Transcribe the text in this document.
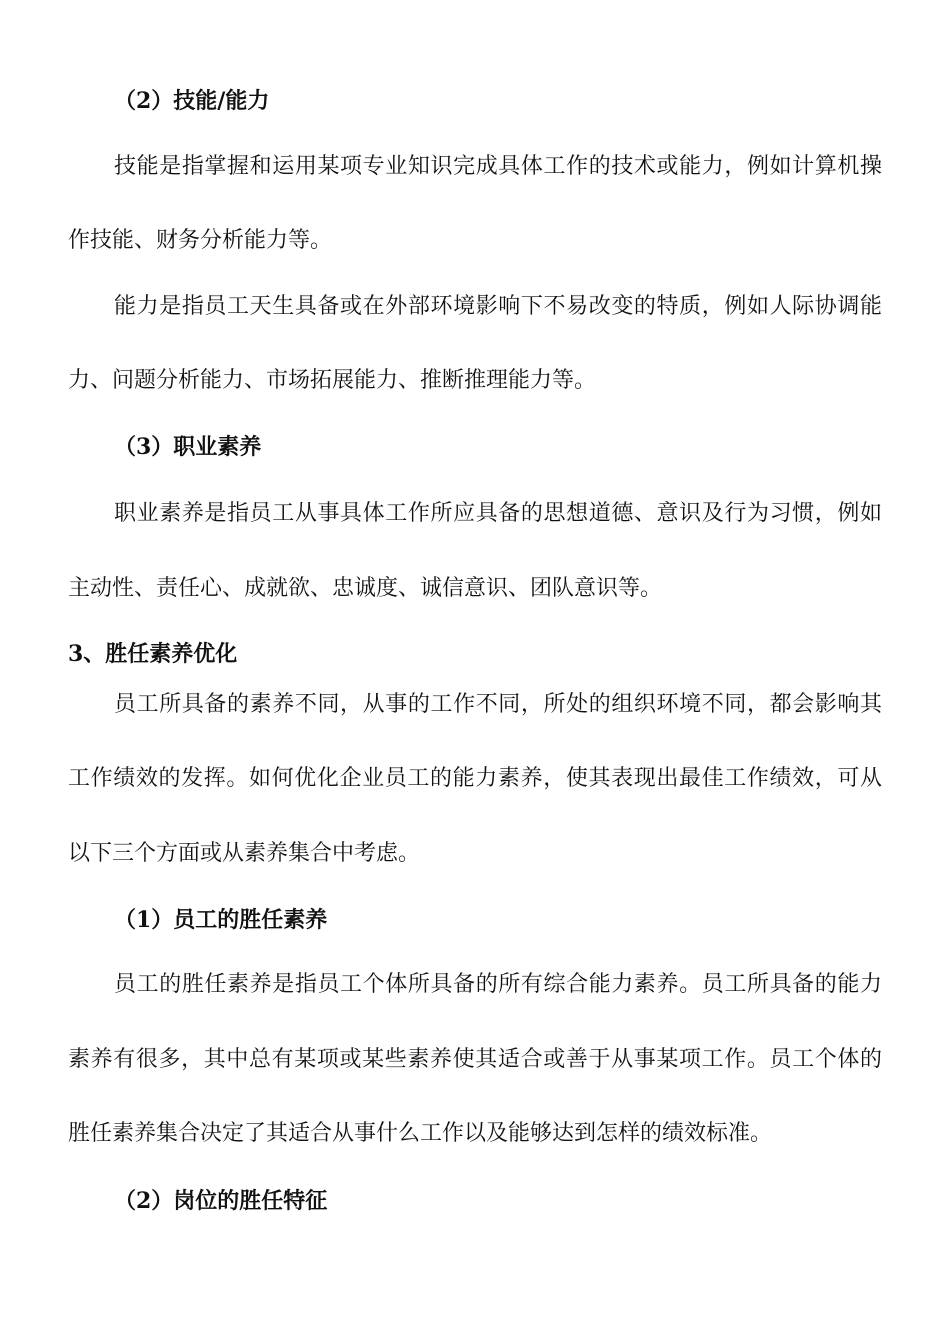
（2）技能/能力
技能是指掌握和运用某项专业知识完成具体工作的技术或能力，例如计算机操
作技能、财务分析能力等。
能力是指员工天生具备或在外部环境影响下不易改变的特质，例如人际协调能
力、问题分析能力、市场拓展能力、推断推理能力等。
（3）职业素养
职业素养是指员工从事具体工作所应具备的思想道德、意识及行为习惯，例如
主动性、责任心、成就欲、忠诚度、诚信意识、团队意识等。
3、胜任素养优化
员工所具备的素养不同，从事的工作不同，所处的组织环境不同，都会影响其
工作绩效的发挥。如何优化企业员工的能力素养，使其表现出最佳工作绩效，可从
以下三个方面或从素养集合中考虑。
（1）员工的胜任素养
员工的胜任素养是指员工个体所具备的所有综合能力素养。员工所具备的能力
素养有很多，其中总有某项或某些素养使其适合或善于从事某项工作。员工个体的
胜任素养集合决定了其适合从事什么工作以及能够达到怎样的绩效标准。
（2）岗位的胜任特征
